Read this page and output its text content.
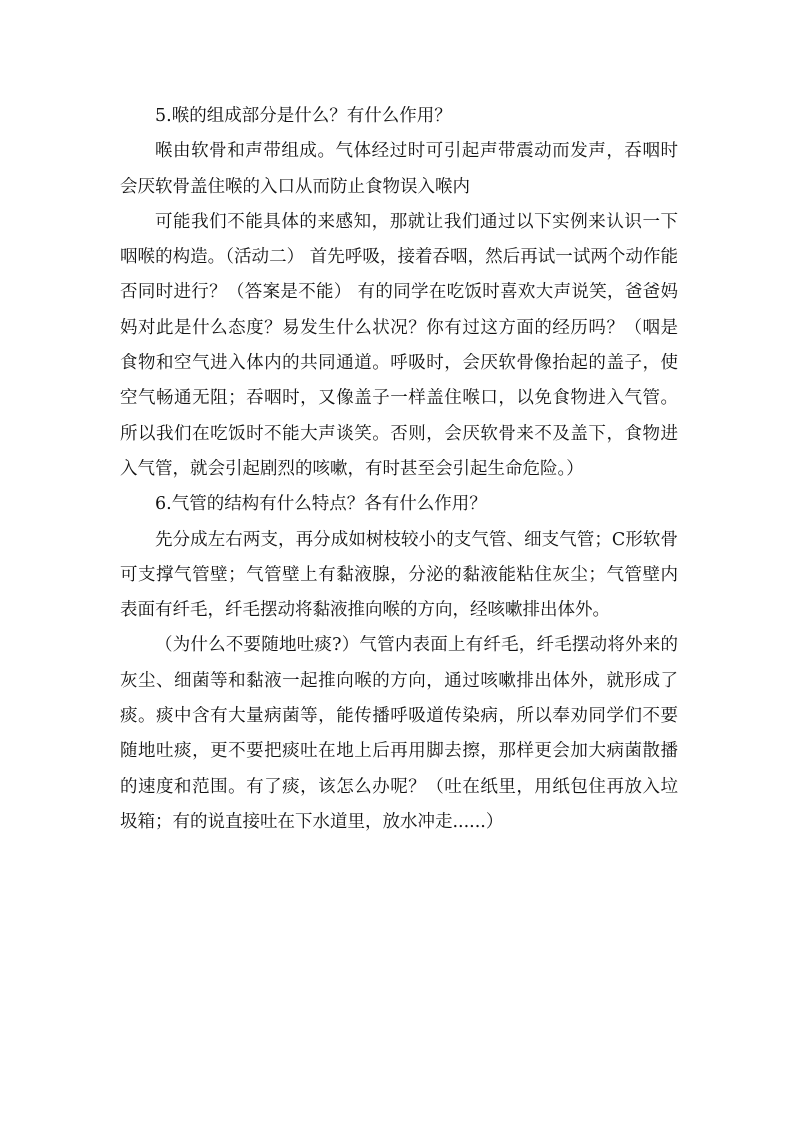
5.喉的组成部分是什么？有什么作用？

喉由软骨和声带组成。气体经过时可引起声带震动而发声，吞咽时会厌软骨盖住喉的入口从而防止食物误入喉内

可能我们不能具体的来感知，那就让我们通过以下实例来认识一下咽喉的构造。（活动二） 首先呼吸，接着吞咽，然后再试一试两个动作能否同时进行？（答案是不能） 有的同学在吃饭时喜欢大声说笑，爸爸妈妈对此是什么态度？易发生什么状况？你有过这方面的经历吗？（咽是食物和空气进入体内的共同通道。呼吸时，会厌软骨像抬起的盖子，使空气畅通无阻；吞咽时，又像盖子一样盖住喉口，以免食物进入气管。所以我们在吃饭时不能大声谈笑。否则，会厌软骨来不及盖下，食物进入气管，就会引起剧烈的咳嗽，有时甚至会引起生命危险。）

6.气管的结构有什么特点？各有什么作用？

先分成左右两支，再分成如树枝较小的支气管、细支气管；C形软骨可支撑气管壁；气管壁上有黏液腺，分泌的黏液能粘住灰尘；气管壁内表面有纤毛，纤毛摆动将黏液推向喉的方向，经咳嗽排出体外。

（为什么不要随地吐痰?）气管内表面上有纤毛，纤毛摆动将外来的灰尘、细菌等和黏液一起推向喉的方向，通过咳嗽排出体外，就形成了痰。痰中含有大量病菌等，能传播呼吸道传染病，所以奉劝同学们不要随地吐痰，更不要把痰吐在地上后再用脚去擦，那样更会加大病菌散播的速度和范围。有了痰，该怎么办呢？（吐在纸里，用纸包住再放入垃圾箱；有的说直接吐在下水道里，放水冲走......）
